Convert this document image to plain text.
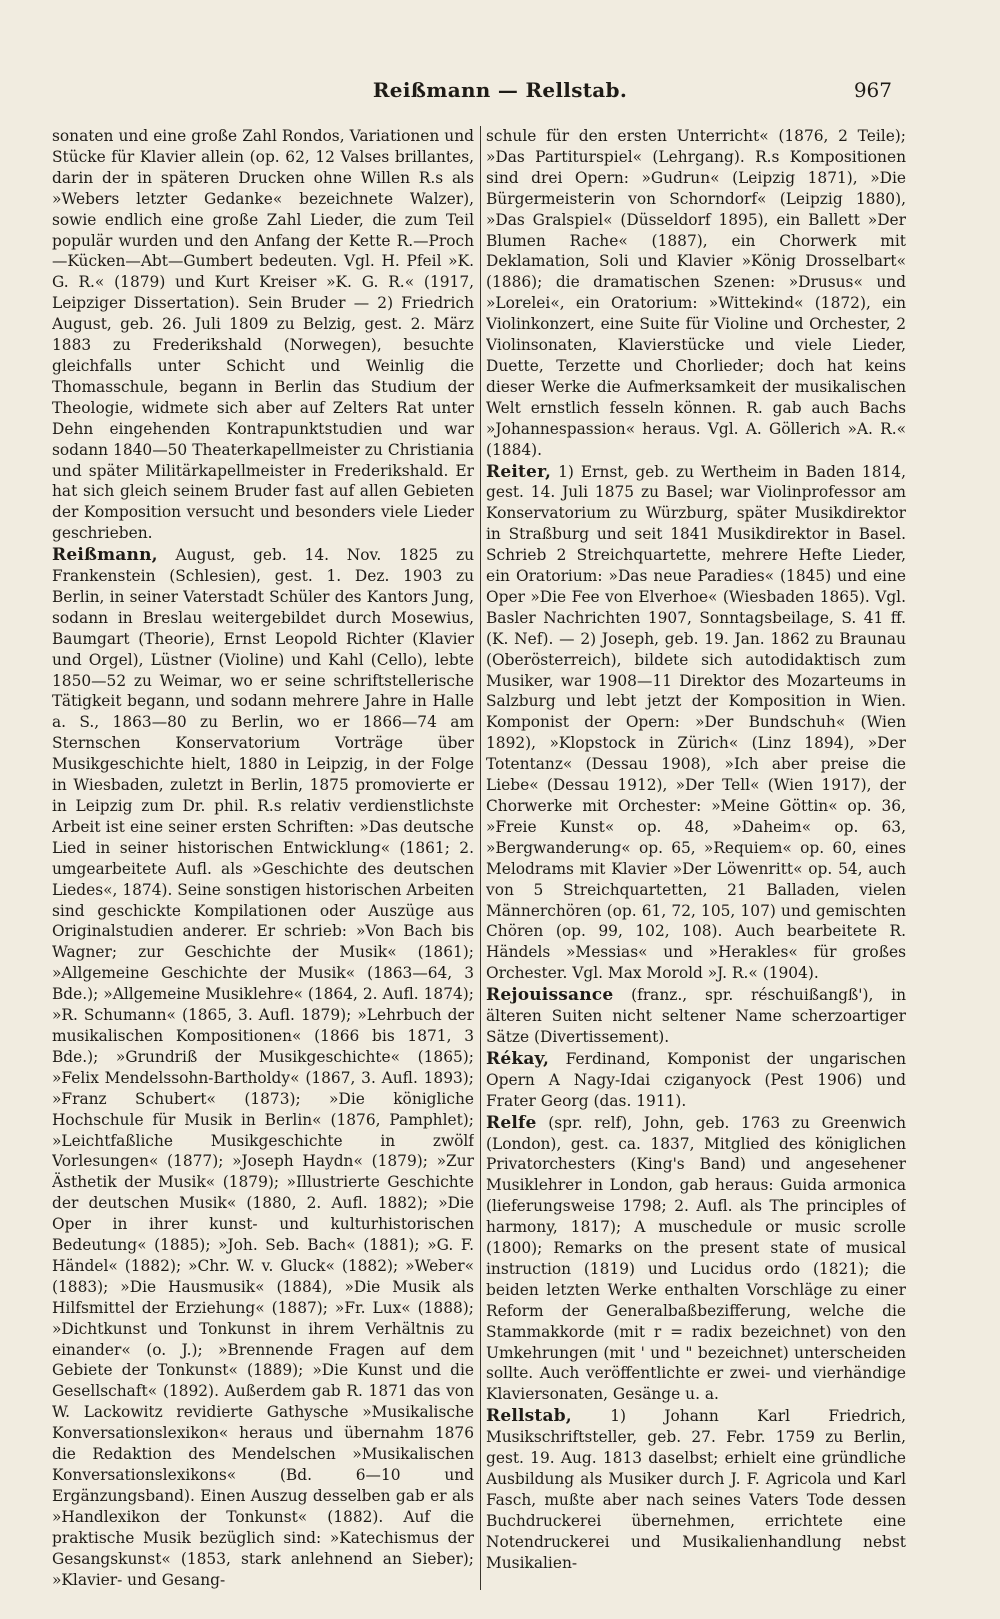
Reißmann — Rellstab.	967

sonaten und eine große Zahl Rondos, Variationen und Stücke für Klavier allein (op. 62, 12 Valses brillantes, darin der in späteren Drucken ohne Willen R.s als »Webers letzter Gedanke« bezeichnete Walzer), sowie endlich eine große Zahl Lieder, die zum Teil populär wurden und den Anfang der Kette R.—Proch—Kücken—Abt—Gumbert bedeuten. Vgl. H. Pfeil »K. G. R.« (1879) und Kurt Kreiser »K. G. R.« (1917, Leipziger Dissertation). Sein Bruder — 2) Friedrich August, geb. 26. Juli 1809 zu Belzig, gest. 2. März 1883 zu Frederikshald (Norwegen), besuchte gleichfalls unter Schicht und Weinlig die Thomasschule, begann in Berlin das Studium der Theologie, widmete sich aber auf Zelters Rat unter Dehn eingehenden Kontrapunktstudien und war sodann 1840—50 Theaterkapellmeister zu Christiania und später Militärkapellmeister in Frederikshald. Er hat sich gleich seinem Bruder fast auf allen Gebieten der Komposition versucht und besonders viele Lieder geschrieben.

Reißmann, August, geb. 14. Nov. 1825 zu Frankenstein (Schlesien), gest. 1. Dez. 1903 zu Berlin, in seiner Vaterstadt Schüler des Kantors Jung, sodann in Breslau weitergebildet durch Mosewius, Baumgart (Theorie), Ernst Leopold Richter (Klavier und Orgel), Lüstner (Violine) und Kahl (Cello), lebte 1850—52 zu Weimar, wo er seine schriftstellerische Tätigkeit begann, und sodann mehrere Jahre in Halle a. S., 1863—80 zu Berlin, wo er 1866—74 am Sternschen Konservatorium Vorträge über Musikgeschichte hielt, 1880 in Leipzig, in der Folge in Wiesbaden, zuletzt in Berlin, 1875 promovierte er in Leipzig zum Dr. phil. R.s relativ verdienstlichste Arbeit ist eine seiner ersten Schriften: »Das deutsche Lied in seiner historischen Entwicklung« (1861; 2. umgearbeitete Aufl. als »Geschichte des deutschen Liedes«, 1874). Seine sonstigen historischen Arbeiten sind geschickte Kompilationen oder Auszüge aus Originalstudien anderer. Er schrieb: »Von Bach bis Wagner; zur Geschichte der Musik« (1861); »Allgemeine Geschichte der Musik« (1863—64, 3 Bde.); »Allgemeine Musiklehre« (1864, 2. Aufl. 1874); »R. Schumann« (1865, 3. Aufl. 1879); »Lehrbuch der musikalischen Kompositionen« (1866 bis 1871, 3 Bde.); »Grundriß der Musikgeschichte« (1865); »Felix Mendelssohn-Bartholdy« (1867, 3. Aufl. 1893); »Franz Schubert« (1873); »Die königliche Hochschule für Musik in Berlin« (1876, Pamphlet); »Leichtfaßliche Musikgeschichte in zwölf Vorlesungen« (1877); »Joseph Haydn« (1879); »Zur Ästhetik der Musik« (1879); »Illustrierte Geschichte der deutschen Musik« (1880, 2. Aufl. 1882); »Die Oper in ihrer kunst- und kulturhistorischen Bedeutung« (1885); »Joh. Seb. Bach« (1881); »G. F. Händel« (1882); »Chr. W. v. Gluck« (1882); »Weber« (1883); »Die Hausmusik« (1884), »Die Musik als Hilfsmittel der Erziehung« (1887); »Fr. Lux« (1888); »Dichtkunst und Tonkunst in ihrem Verhältnis zu einander« (o. J.); »Brennende Fragen auf dem Gebiete der Tonkunst« (1889); »Die Kunst und die Gesellschaft« (1892). Außerdem gab R. 1871 das von W. Lackowitz revidierte Gathysche »Musikalische Konversationslexikon« heraus und übernahm 1876 die Redaktion des Mendelschen »Musikalischen Konversationslexikons« (Bd. 6—10 und Ergänzungsband). Einen Auszug desselben gab er als »Handlexikon der Tonkunst« (1882). Auf die praktische Musik bezüglich sind: »Katechismus der Gesangskunst« (1853, stark anlehnend an Sieber); »Klavier- und Gesang-

schule für den ersten Unterricht« (1876, 2 Teile); »Das Partiturspiel« (Lehrgang). R.s Kompositionen sind drei Opern: »Gudrun« (Leipzig 1871), »Die Bürgermeisterin von Schorndorf« (Leipzig 1880), »Das Gralspiel« (Düsseldorf 1895), ein Ballett »Der Blumen Rache« (1887), ein Chorwerk mit Deklamation, Soli und Klavier »König Drosselbart« (1886); die dramatischen Szenen: »Drusus« und »Lorelei«, ein Oratorium: »Wittekind« (1872), ein Violinkonzert, eine Suite für Violine und Orchester, 2 Violinsonaten, Klavierstücke und viele Lieder, Duette, Terzette und Chorlieder; doch hat keins dieser Werke die Aufmerksamkeit der musikalischen Welt ernstlich fesseln können. R. gab auch Bachs »Johannespassion« heraus. Vgl. A. Göllerich »A. R.« (1884).

Reiter, 1) Ernst, geb. zu Wertheim in Baden 1814, gest. 14. Juli 1875 zu Basel; war Violinprofessor am Konservatorium zu Würzburg, später Musikdirektor in Straßburg und seit 1841 Musikdirektor in Basel. Schrieb 2 Streichquartette, mehrere Hefte Lieder, ein Oratorium: »Das neue Paradies« (1845) und eine Oper »Die Fee von Elverhoe« (Wiesbaden 1865). Vgl. Basler Nachrichten 1907, Sonntagsbeilage, S. 41 ff. (K. Nef). — 2) Joseph, geb. 19. Jan. 1862 zu Braunau (Oberösterreich), bildete sich autodidaktisch zum Musiker, war 1908—11 Direktor des Mozarteums in Salzburg und lebt jetzt der Komposition in Wien. Komponist der Opern: »Der Bundschuh« (Wien 1892), »Klopstock in Zürich« (Linz 1894), »Der Totentanz« (Dessau 1908), »Ich aber preise die Liebe« (Dessau 1912), »Der Tell« (Wien 1917), der Chorwerke mit Orchester: »Meine Göttin« op. 36, »Freie Kunst« op. 48, »Daheim« op. 63, »Bergwanderung« op. 65, »Requiem« op. 60, eines Melodrams mit Klavier »Der Löwenritt« op. 54, auch von 5 Streichquartetten, 21 Balladen, vielen Männerchören (op. 61, 72, 105, 107) und gemischten Chören (op. 99, 102, 108). Auch bearbeitete R. Händels »Messias« und »Herakles« für großes Orchester. Vgl. Max Morold »J. R.« (1904).

Rejouissance (franz., spr. réschuißangß'), in älteren Suiten nicht seltener Name scherzoartiger Sätze (Divertissement).

Rékay, Ferdinand, Komponist der ungarischen Opern A Nagy-Idai cziganyock (Pest 1906) und Frater Georg (das. 1911).

Relfe (spr. relf), John, geb. 1763 zu Greenwich (London), gest. ca. 1837, Mitglied des königlichen Privatorchesters (King's Band) und angesehener Musiklehrer in London, gab heraus: Guida armonica (lieferungsweise 1798; 2. Aufl. als The principles of harmony, 1817); A muschedule or music scrolle (1800); Remarks on the present state of musical instruction (1819) und Lucidus ordo (1821); die beiden letzten Werke enthalten Vorschläge zu einer Reform der Generalbaßbezifferung, welche die Stammakkorde (mit r = radix bezeichnet) von den Umkehrungen (mit ' und " bezeichnet) unterscheiden sollte. Auch veröffentlichte er zwei- und vierhändige Klaviersonaten, Gesänge u. a.

Rellstab, 1) Johann Karl Friedrich, Musikschriftsteller, geb. 27. Febr. 1759 zu Berlin, gest. 19. Aug. 1813 daselbst; erhielt eine gründliche Ausbildung als Musiker durch J. F. Agricola und Karl Fasch, mußte aber nach seines Vaters Tode dessen Buchdruckerei übernehmen, errichtete eine Notendruckerei und Musikalienhandlung nebst Musikalien-
